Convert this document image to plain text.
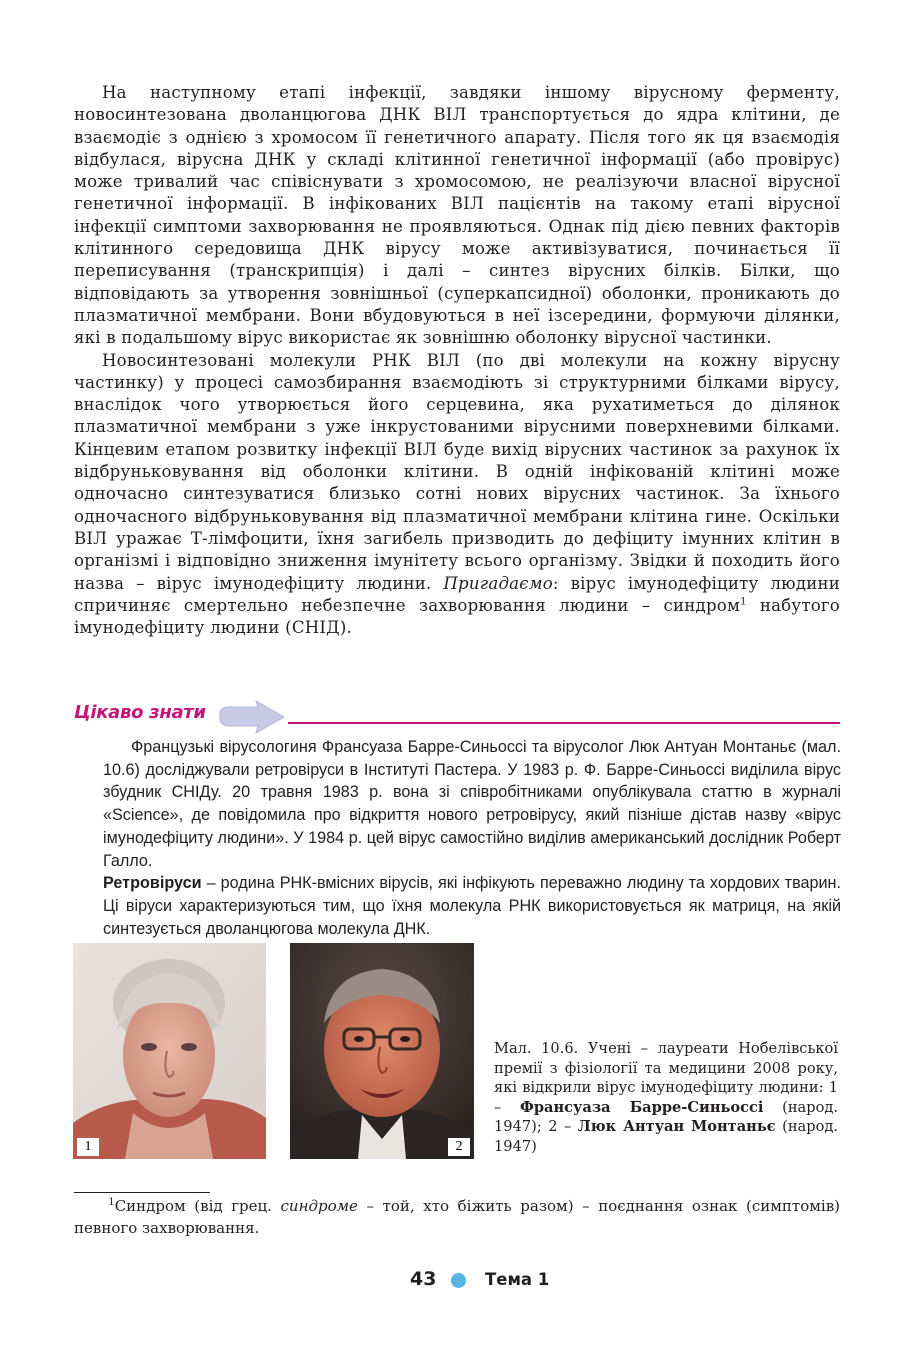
На наступному етапі інфекції, завдяки іншому вірусному ферменту, новосинтезована дволанцюгова ДНК ВІЛ транспортується до ядра клітини, де взаємодіє з однією з хромосом її генетичного апарату. Після того як ця взаємодія відбулася, вірусна ДНК у складі клітинної генетичної інформації (або провірус) може тривалий час співіснувати з хромосомою, не реалізуючи власної вірусної генетичної інформації. В інфікованих ВІЛ пацієнтів на такому етапі вірусної інфекції симптоми захворювання не проявляються. Однак під дією певних факторів клітинного середовища ДНК вірусу може активізуватися, починається її переписування (транскрипція) і далі – синтез вірусних білків. Білки, що відповідають за утворення зовнішньої (суперкапсидної) оболонки, проникають до плазматичної мембрани. Вони вбудовуються в неї ізсередини, формуючи ділянки, які в подальшому вірус використає як зовнішню оболонку вірусної частинки.

Новосинтезовані молекули РНК ВІЛ (по дві молекули на кожну вірусну частинку) у процесі самозбирання взаємодіють зі структурними білками вірусу, внаслідок чого утворюється його серцевина, яка рухатиметься до ділянок плазматичної мембрани з уже інкрустованими вірусними поверхневими білками. Кінцевим етапом розвитку інфекції ВІЛ буде вихід вірусних частинок за рахунок їх відбруньковування від оболонки клітини. В одній інфікованій клітині може одночасно синтезуватися близько сотні нових вірусних частинок. За їхнього одночасного відбруньковування від плазматичної мембрани клітина гине. Оскільки ВІЛ уражає Т-лімфоцити, їхня загибель призводить до дефіциту імунних клітин в організмі і відповідно зниження імунітету всього організму. Звідки й походить його назва – вірус імунодефіциту людини. Пригадаємо: вірус імунодефіциту людини спричиняє смертельно небезпечне захворювання людини – синдром$^1$ набутого імунодефіциту людини (СНІД).

Цікаво знати
Французькі вірусологиня Франсуаза Барре-Синьоссі та вірусолог Люк Антуан Монтаньє (мал. 10.6) досліджували ретровіруси в Інституті Пастера. У 1983 р. Ф. Барре-Синьоссі виділила вірус збудник СНІДу. 20 травня 1983 р. вона зі співробітниками опублікувала статтю в журналі «Science», де повідомила про відкриття нового ретровірусу, який пізніше дістав назву «вірус імунодефіциту людини». У 1984 р. цей вірус самостійно виділив американський дослідник Роберт Галло.
Ретровіруси – родина РНК-вмісних вірусів, які інфікують переважно людину та хордових тварин. Ці віруси характеризуються тим, що їхня молекула РНК використовується як матриця, на якій синтезується дволанцюгова молекула ДНК.
1	2
Мал. 10.6. Учені – лауреати Нобелівської премії з фізіології та медицини 2008 року, які відкрили вірус імунодефіциту людини: 1 – Франсуаза Барре-Синьоссі (народ. 1947); 2 – Люк Антуан Монтаньє (народ. 1947)
$^1$Синдром (від грец. синдроме – той, хто біжить разом) – поєднання ознак (симптомів) певного захворювання.
43	Тема 1
